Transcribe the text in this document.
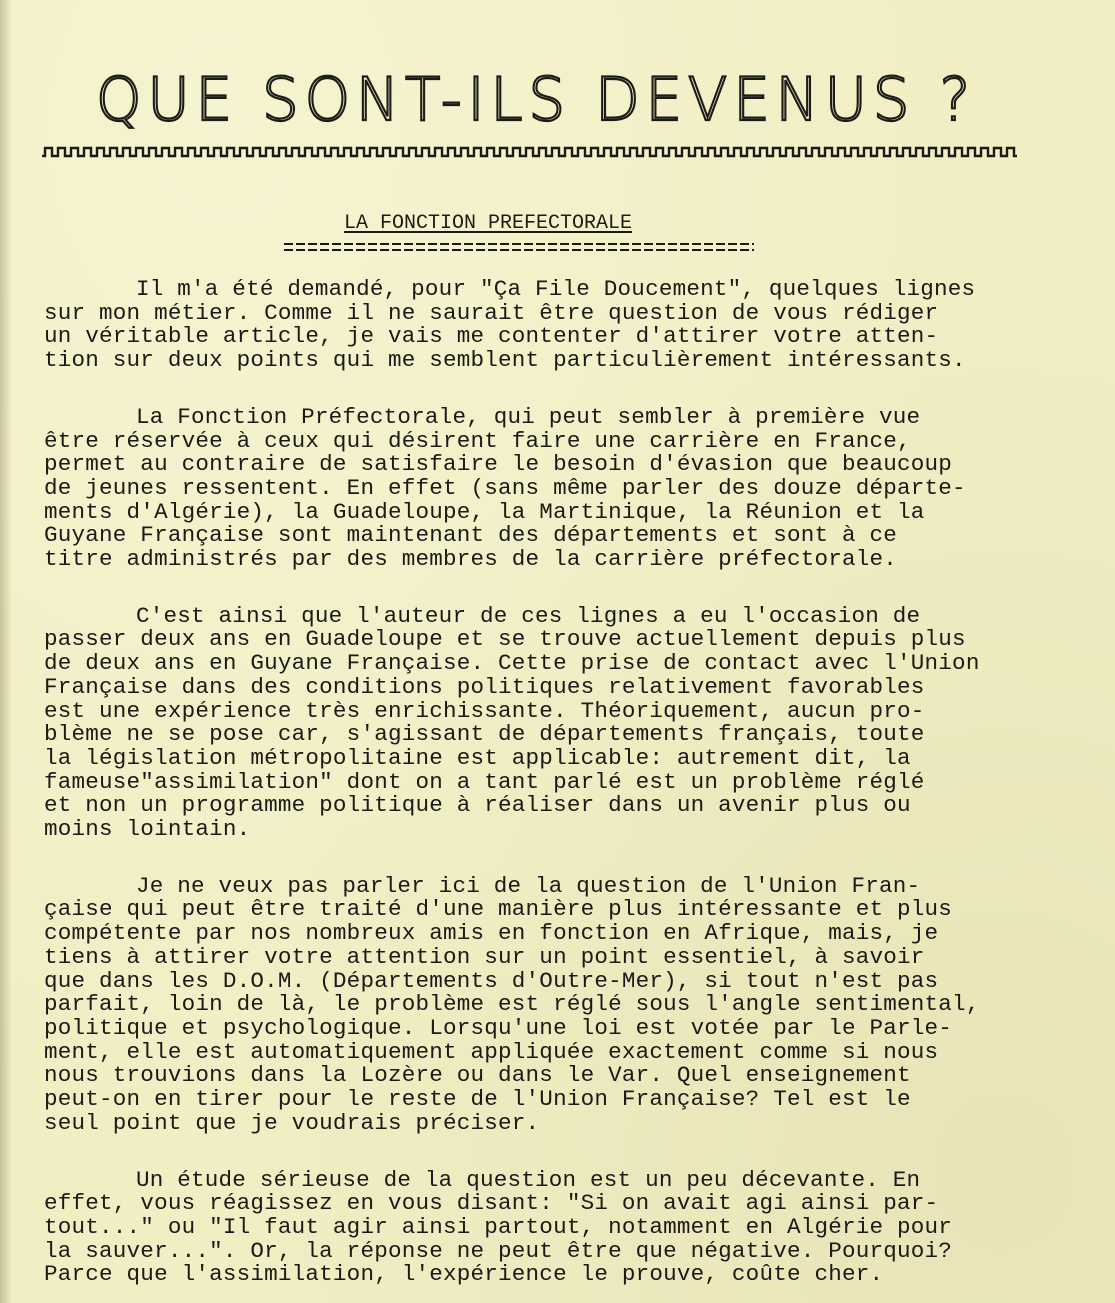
QUE SONT-ILS DEVENUS ?
LA FONCTION PREFECTORALE
Il m'a été demandé, pour "Ça File Doucement", quelques lignes
sur mon métier. Comme il ne saurait être question de vous rédiger
un véritable article, je vais me contenter d'attirer votre atten-
tion sur deux points qui me semblent particulièrement intéressants.
La Fonction Préfectorale, qui peut sembler à première vue
être réservée à ceux qui désirent faire une carrière en France,
permet au contraire de satisfaire le besoin d'évasion que beaucoup
de jeunes ressentent. En effet (sans même parler des douze départe-
ments d'Algérie), la Guadeloupe, la Martinique, la Réunion et la
Guyane Française sont maintenant des départements et sont à ce
titre administrés par des membres de la carrière préfectorale.
C'est ainsi que l'auteur de ces lignes a eu l'occasion de
passer deux ans en Guadeloupe et se trouve actuellement depuis plus
de deux ans en Guyane Française. Cette prise de contact avec l'Union
Française dans des conditions politiques relativement favorables
est une expérience très enrichissante. Théoriquement, aucun pro-
blème ne se pose car, s'agissant de départements français, toute
la législation métropolitaine est applicable: autrement dit, la
fameuse"assimilation" dont on a tant parlé est un problème réglé
et non un programme politique à réaliser dans un avenir plus ou
moins lointain.
Je ne veux pas parler ici de la question de l'Union Fran-
çaise qui peut être traité d'une manière plus intéressante et plus
compétente par nos nombreux amis en fonction en Afrique, mais, je
tiens à attirer votre attention sur un point essentiel, à savoir
que dans les D.O.M. (Départements d'Outre-Mer), si tout n'est pas
parfait, loin de là, le problème est réglé sous l'angle sentimental,
politique et psychologique. Lorsqu'une loi est votée par le Parle-
ment, elle est automatiquement appliquée exactement comme si nous
nous trouvions dans la Lozère ou dans le Var. Quel enseignement
peut-on en tirer pour le reste de l'Union Française? Tel est le
seul point que je voudrais préciser.
Un étude sérieuse de la question est un peu décevante. En
effet, vous réagissez en vous disant: "Si on avait agi ainsi par-
tout..." ou "Il faut agir ainsi partout, notamment en Algérie pour
la sauver...". Or, la réponse ne peut être que négative. Pourquoi?
Parce que l'assimilation, l'expérience le prouve, coûte cher.
